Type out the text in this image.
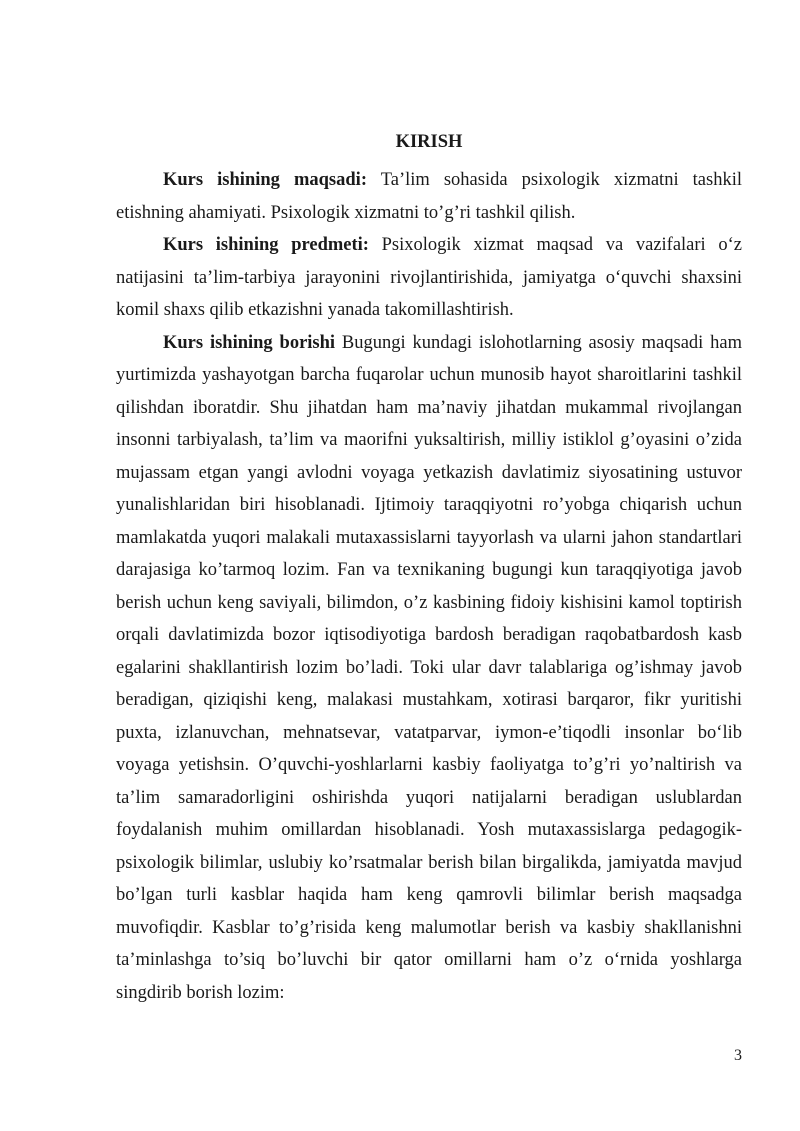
KIRISH

Kurs ishining maqsadi: Ta’lim sohasida psixologik xizmatni tashkil etishning ahamiyati. Psixologik xizmatni to’g’ri tashkil qilish.

Kurs ishining predmeti: Psixologik xizmat maqsad va vazifalari o‘z natijasini ta’lim-tarbiya jarayonini rivojlantirishida, jamiyatga o‘quvchi shaxsini komil shaxs qilib etkazishni yanada takomillashtirish.

Kurs ishining borishi Bugungi kundagi islohotlarning asosiy maqsadi ham yurtimizda yashayotgan barcha fuqarolar uchun munosib hayot sharoitlarini tashkil qilishdan iboratdir. Shu jihatdan ham ma’naviy jihatdan mukammal rivojlangan insonni tarbiyalash, ta’lim va maorifni yuksaltirish, milliy istiklol g’oyasini o’zida mujassam etgan yangi avlodni voyaga yetkazish davlatimiz siyosatining ustuvor yunalishlaridan biri hisoblanadi. Ijtimoiy taraqqiyotni ro’yobga chiqarish uchun mamlakatda yuqori malakali mutaxassislarni tayyorlash va ularni jahon standartlari darajasiga ko’tarmoq lozim. Fan va texnikaning bugungi kun taraqqiyotiga javob berish uchun keng saviyali, bilimdon, o’z kasbining fidoiy kishisini kamol toptirish orqali davlatimizda bozor iqtisodiyotiga bardosh beradigan raqobatbardosh kasb egalarini shakllantirish lozim bo’ladi. Toki ular davr talablariga og’ishmay javob beradigan, qiziqishi keng, malakasi mustahkam, xotirasi barqaror, fikr yuritishi puxta, izlanuvchan, mehnatsevar, vatatparvar, iymon-e’tiqodli insonlar bo‘lib voyaga yetishsin. O’quvchi-yoshlarlarni kasbiy faoliyatga to’g’ri yo’naltirish va ta’lim samaradorligini oshirishda yuqori natijalarni beradigan uslublardan foydalanish muhim omillardan hisoblanadi. Yosh mutaxassislarga pedagogik-psixologik bilimlar, uslubiy ko’rsatmalar berish bilan birgalikda, jamiyatda mavjud bo’lgan turli kasblar haqida ham keng qamrovli bilimlar berish maqsadga muvofiqdir. Kasblar to’g’risida keng malumotlar berish va kasbiy shakllanishni ta’minlashga to’siq bo’luvchi bir qator omillarni ham o’z o‘rnida yoshlarga singdirib borish lozim:

3
